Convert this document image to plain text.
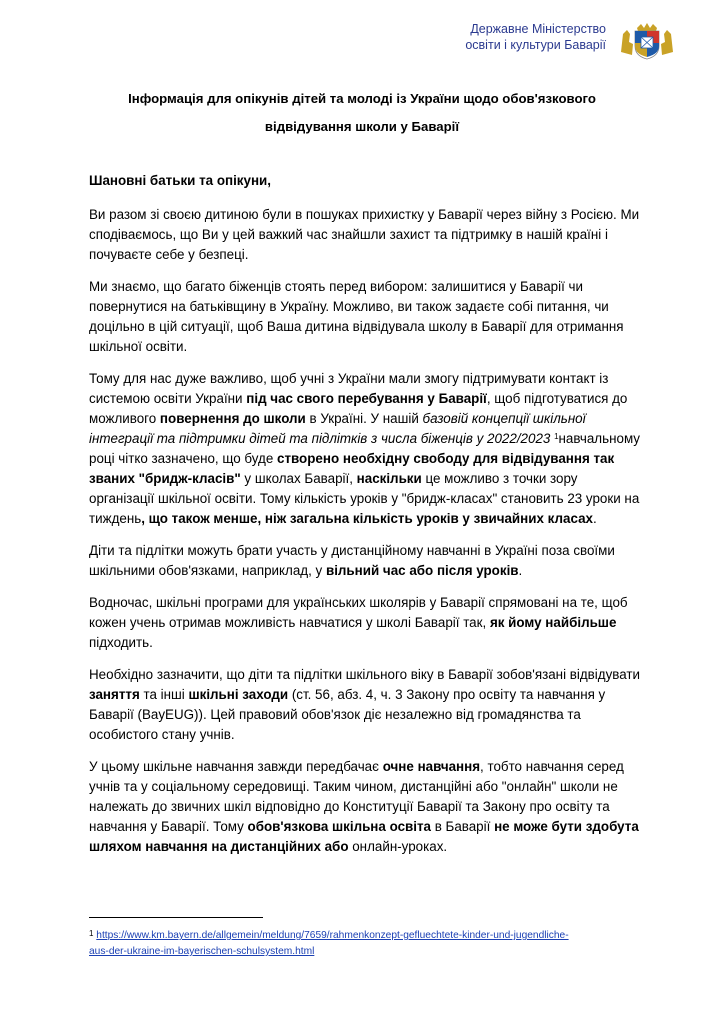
Державне Міністерство
освіти і культури Баварії
Інформація для опікунів дітей та молоді із України щодо обов'язкового
відвідування школи у Баварії
Шановні батьки та опікуни,

Ви разом зі своєю дитиною були в пошуках прихистку у Баварії через війну з Росією. Ми сподіваємось, що Ви у цей важкий час знайшли захист та підтримку в нашій країні і почуваєте себе у безпеці.

Ми знаємо, що багато біженців стоять перед вибором: залишитися у Баварії чи повернутися на батьківщину в Україну. Можливо, ви також задаєте собі питання, чи доцільно в цій ситуації, щоб Ваша дитина відвідувала школу в Баварії для отримання шкільної освіти.

Тому для нас дуже важливо, щоб учні з України мали змогу підтримувати контакт із системою освіти України під час свого перебування у Баварії, щоб підготуватися до можливого повернення до школи в Україні. У нашій базовій концепції шкільної інтеграції та підтримки дітей та підлітків з числа біженців у 2022/2023 $^1$навчальному році чітко зазначено, що буде створено необхідну свободу для відвідування так званих "бридж-класів" у школах Баварії, наскільки це можливо з точки зору організації шкільної освіти. Тому кількість уроків у "бридж-класах" становить 23 уроки на тиждень, що також менше, ніж загальна кількість уроків у звичайних класах.

Діти та підлітки можуть брати участь у дистанційному навчанні в Україні поза своїми шкільними обов'язками, наприклад, у вільний час або після уроків.

Водночас, шкільні програми для українських школярів у Баварії спрямовані на те, щоб кожен учень отримав можливість навчатися у школі Баварії так, як йому найбільше підходить.

Необхідно зазначити, що діти та підлітки шкільного віку в Баварії зобов'язані відвідувати заняття та інші шкільні заходи (ст. 56, абз. 4, ч. 3 Закону про освіту та навчання у Баварії (BayEUG)). Цей правовий обов'язок діє незалежно від громадянства та особистого стану учнів.

У цьому шкільне навчання завжди передбачає очне навчання, тобто навчання серед учнів та у соціальному середовищі. Таким чином, дистанційні або "онлайн" школи не належать до звичних шкіл відповідно до Конституції Баварії та Закону про освіту та навчання у Баварії. Тому обов'язкова шкільна освіта в Баварії не може бути здобута шляхом навчання на дистанційних або онлайн-уроках.

$^1$ https://www.km.bayern.de/allgemein/meldung/7659/rahmenkonzept-gefluechtete-kinder-und-jugendliche-
aus-der-ukraine-im-bayerischen-schulsystem.html
